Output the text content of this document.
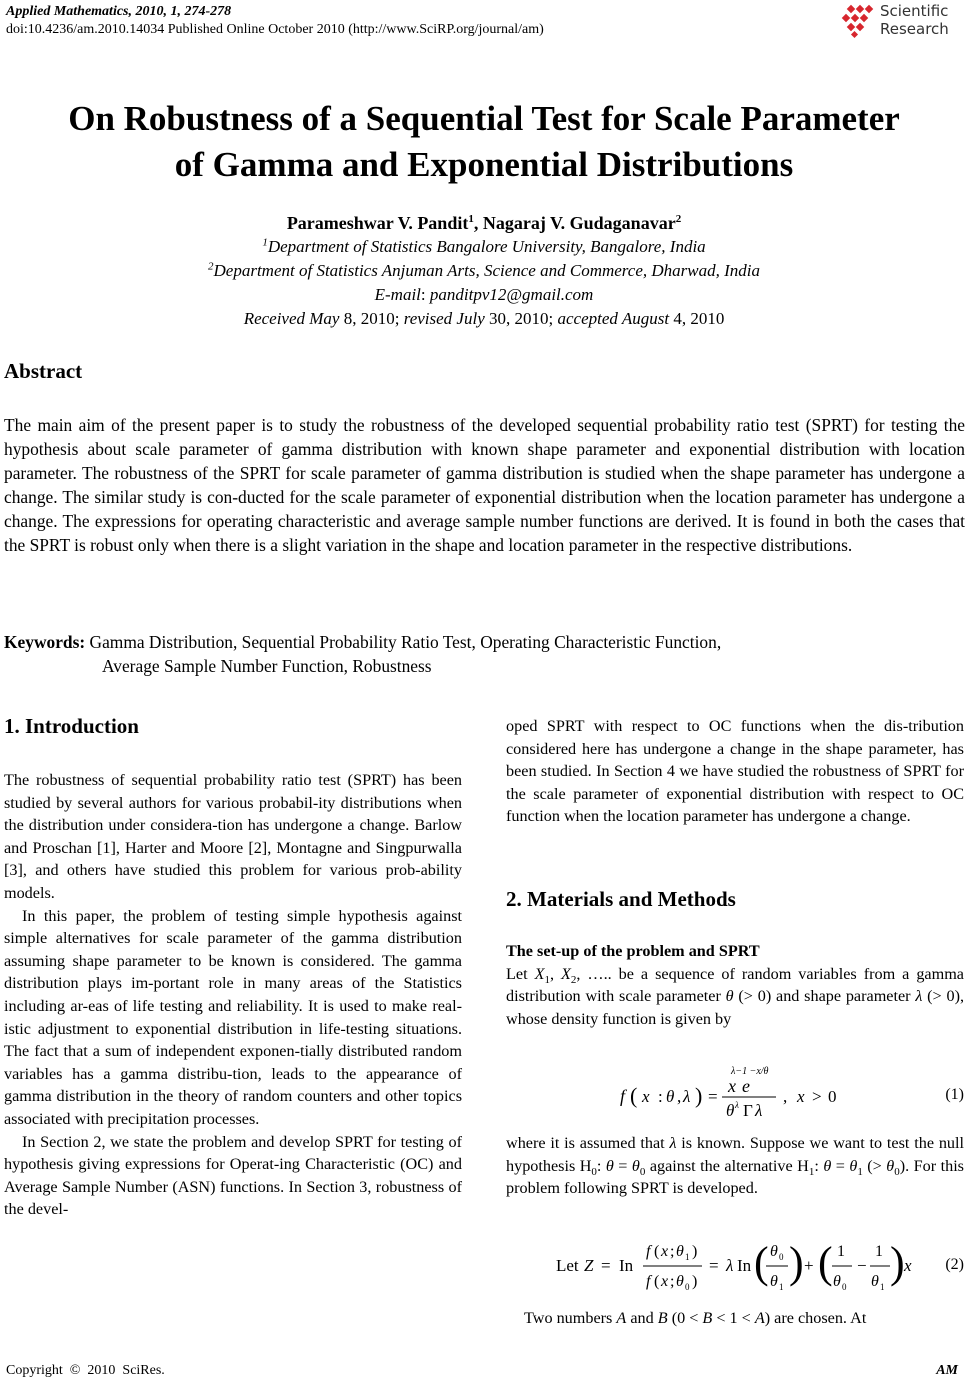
Applied Mathematics, 2010, 1, 274-278
doi:10.4236/am.2010.14034 Published Online October 2010 (http://www.SciRP.org/journal/am)
Scientific
Research
On Robustness of a Sequential Test for Scale Parameter
of Gamma and Exponential Distributions
Parameshwar V. Pandit$^1$, Nagaraj V. Gudaganavar$^2$
$^1$Department of Statistics Bangalore University, Bangalore, India
$^2$Department of Statistics Anjuman Arts, Science and Commerce, Dharwad, India
E-mail: panditpv12@gmail.com
Received May 8, 2010; revised July 30, 2010; accepted August 4, 2010
Abstract
The main aim of the present paper is to study the robustness of the developed sequential probability ratio test (SPRT) for testing the hypothesis about scale parameter of gamma distribution with known shape parameter and exponential distribution with location parameter. The robustness of the SPRT for scale parameter of gamma distribution is studied when the shape parameter has undergone a change. The similar study is con-ducted for the scale parameter of exponential distribution when the location parameter has undergone a change. The expressions for operating characteristic and average sample number functions are derived. It is found in both the cases that the SPRT is robust only when there is a slight variation in the shape and location parameter in the respective distributions.
Keywords: Gamma Distribution, Sequential Probability Ratio Test, Operating Characteristic Function,
Average Sample Number Function, Robustness
1. Introduction
The robustness of sequential probability ratio test (SPRT) has been studied by several authors for various probabil-ity distributions when the distribution under considera-tion has undergone a change. Barlow and Proschan [1], Harter and Moore [2], Montagne and Singpurwalla [3], and others have studied this problem for various prob-ability models.
In this paper, the problem of testing simple hypothesis against simple alternatives for scale parameter of the gamma distribution assuming shape parameter to be known is considered. The gamma distribution plays im-portant role in many areas of the Statistics including ar-eas of life testing and reliability. It is used to make real-istic adjustment to exponential distribution in life-testing situations. The fact that a sum of independent exponen-tially distributed random variables has a gamma distribu-tion, leads to the appearance of gamma distribution in the theory of random counters and other topics associated with precipitation processes.
In Section 2, we state the problem and develop SPRT for testing of hypothesis giving expressions for Operat-ing Characteristic (OC) and Average Sample Number (ASN) functions. In Section 3, robustness of the devel-
oped SPRT with respect to OC functions when the dis-tribution considered here has undergone a change in the shape parameter, has been studied. In Section 4 we have studied the robustness of SPRT for the scale parameter of exponential distribution with respect to OC function when the location parameter has undergone a change.
2. Materials and Methods
The set-up of the problem and SPRT
Let $X_1$, $X_2$, ….. be a sequence of random variables from a gamma distribution with scale parameter θ (> 0) and shape parameter λ (> 0), whose density function is given by
λ−1 −x/θ
x e
θ λ Γ λ
f ( x : θ , λ ) =	, x > 0	(1)
where it is assumed that λ is known. Suppose we want to test the null hypothesis $H_0$: $\theta = \theta_0$ against the alternative $H_1$: $\theta = \theta_1$ (> $\theta_0$). For this problem following SPRT is developed.
Let Z = In
f ( x ; θ 1 )
f ( x ; θ 0 )
= λ In ( θ 0
θ 1 ) + ( 1
θ 0
−
1
θ 1 ) x (2)
Two numbers A and B (0 < B < 1 < A) are chosen. At
Copyright  ©  2010  SciRes.	AM
